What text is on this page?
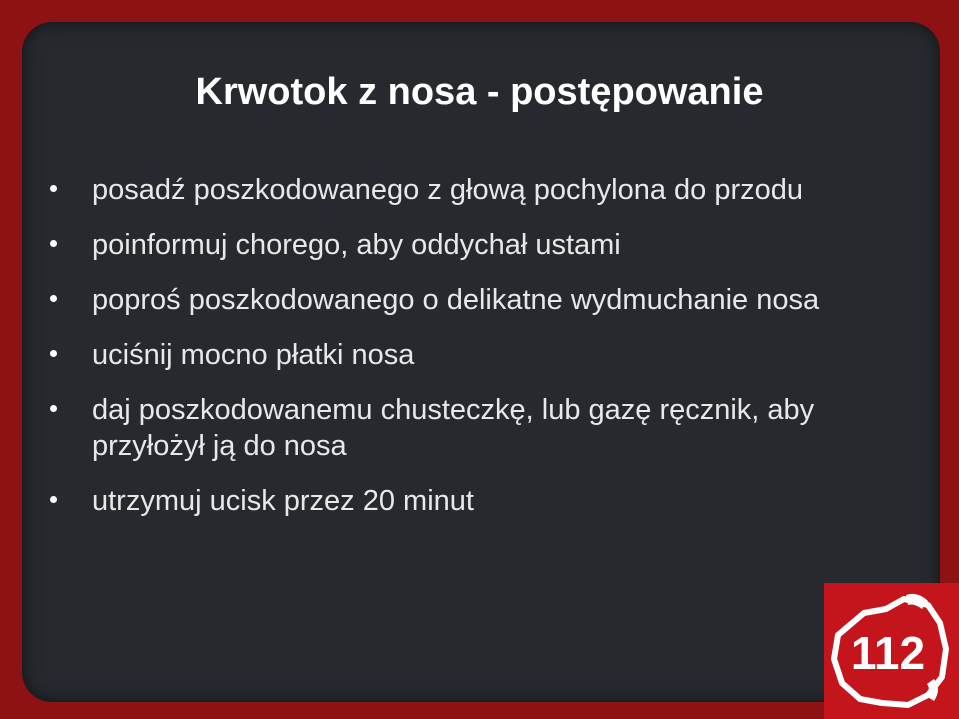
Krwotok z nosa - postępowanie
posadź poszkodowanego z głową pochylona do przodu
poinformuj chorego, aby oddychał ustami
poproś poszkodowanego o delikatne wydmuchanie nosa
uciśnij mocno płatki nosa
daj poszkodowanemu chusteczkę, lub gazę ręcznik, aby przyłożył ją do nosa
utrzymuj ucisk przez 20 minut
112
